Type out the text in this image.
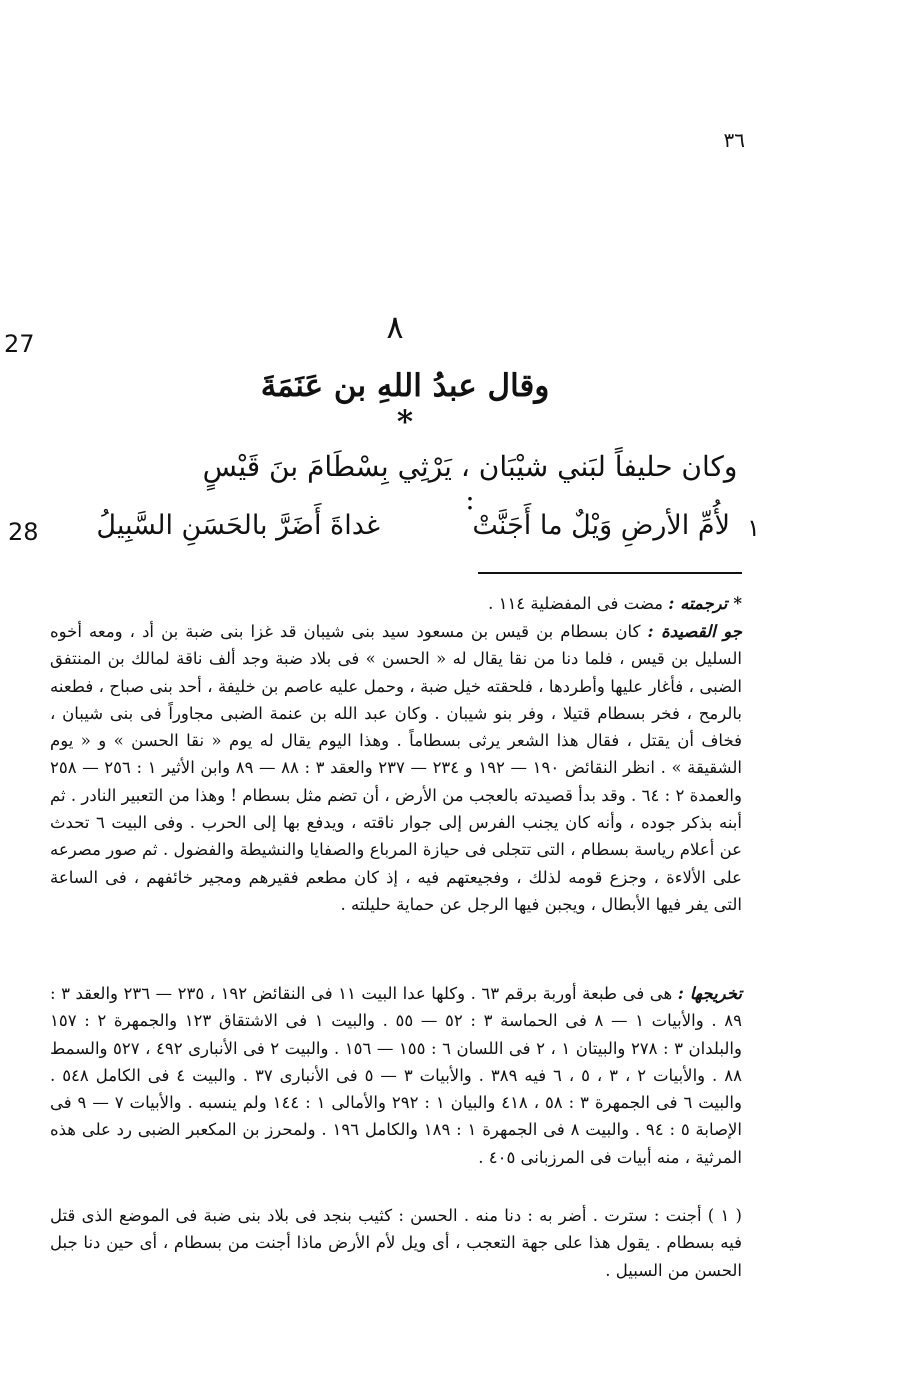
٣٦
27
28
٨
وقال عبدُ اللهِ بن عَنَمَةَ *
وكان حليفاً لبَني شيْبَان ، يَرْثِي بِسْطَامَ بنَ قَيْسٍ :
١
لأُمِّ الأرضِ وَيْلٌ ما أَجَنَّتْ
غداةَ أَضَرَّ بالحَسَنِ السَّبِيلُ
*ترجمته : مضت فى المفضلية ١١٤ .
جو القصيدة : كان بسطام بن قيس بن مسعود سيد بنى شيبان قد غزا بنى ضبة بن أد ، ومعه أخوه السليل بن قيس ، فلما دنا من نقا يقال له « الحسن » فى بلاد ضبة وجد ألف ناقة لمالك بن المنتفق الضبى ، فأغار عليها وأطردها ، فلحقته خيل ضبة ، وحمل عليه عاصم بن خليفة ، أحد بنى صباح ، فطعنه بالرمح ، فخر بسطام قتيلا ، وفر بنو شيبان . وكان عبد الله بن عنمة الضبى مجاوراً فى بنى شيبان ، فخاف أن يقتل ، فقال هذا الشعر يرثى بسطاماً . وهذا اليوم يقال له يوم « نقا الحسن » و « يوم الشقيقة » . انظر النقائض ١٩٠ — ١٩٢ و ٢٣٤ — ٢٣٧ والعقد ٣ : ٨٨ — ٨٩ وابن الأثير ١ : ٢٥٦ — ٢٥٨ والعمدة ٢ : ٦٤ . وقد بدأ قصيدته بالعجب من الأرض ، أن تضم مثل بسطام ! وهذا من التعبير النادر . ثم أبنه بذكر جوده ، وأنه كان يجنب الفرس إلى جوار ناقته ، ويدفع بها إلى الحرب . وفى البيت ٦ تحدث عن أعلام رياسة بسطام ، التى تتجلى فى حيازة المرباع والصفايا والنشيطة والفضول . ثم صور مصرعه على الألاءة ، وجزع قومه لذلك ، وفجيعتهم فيه ، إذ كان مطعم فقيرهم ومجير خائفهم ، فى الساعة التى يفر فيها الأبطال ، ويجبن فيها الرجل عن حماية حليلته .
تخريجها : هى فى طبعة أوربة برقم ٦٣ . وكلها عدا البيت ١١ فى النقائض ١٩٢ ، ٢٣٥ — ٢٣٦ والعقد ٣ : ٨٩ . والأبيات ١ — ٨ فى الحماسة ٣ : ٥٢ — ٥٥ . والبيت ١ فى الاشتقاق ١٢٣ والجمهرة ٢ : ١٥٧ والبلدان ٣ : ٢٧٨ والبيتان ١ ، ٢ فى اللسان ٦ : ١٥٥ — ١٥٦ . والبيت ٢ فى الأنبارى ٤٩٢ ، ٥٢٧ والسمط ٨٨ . والأبيات ٢ ، ٣ ، ٥ ، ٦ فيه ٣٨٩ . والأبيات ٣ — ٥ فى الأنبارى ٣٧ . والبيت ٤ فى الكامل ٥٤٨ . والبيت ٦ فى الجمهرة ٣ : ٥٨ ، ٤١٨ والبيان ١ : ٢٩٢ والأمالى ١ : ١٤٤ ولم ينسبه . والأبيات ٧ — ٩ فى الإصابة ٥ : ٩٤ . والبيت ٨ فى الجمهرة ١ : ١٨٩ والكامل ١٩٦ . ولمحرز بن المكعبر الضبى رد على هذه المرثية ، منه أبيات فى المرزبانى ٤٠٥ .
( ١ ) أجنت : سترت . أضر به : دنا منه . الحسن : كثيب بنجد فى بلاد بنى ضبة فى الموضع الذى قتل فيه بسطام . يقول هذا على جهة التعجب ، أى ويل لأم الأرض ماذا أجنت من بسطام ، أى حين دنا جبل الحسن من السبيل .
